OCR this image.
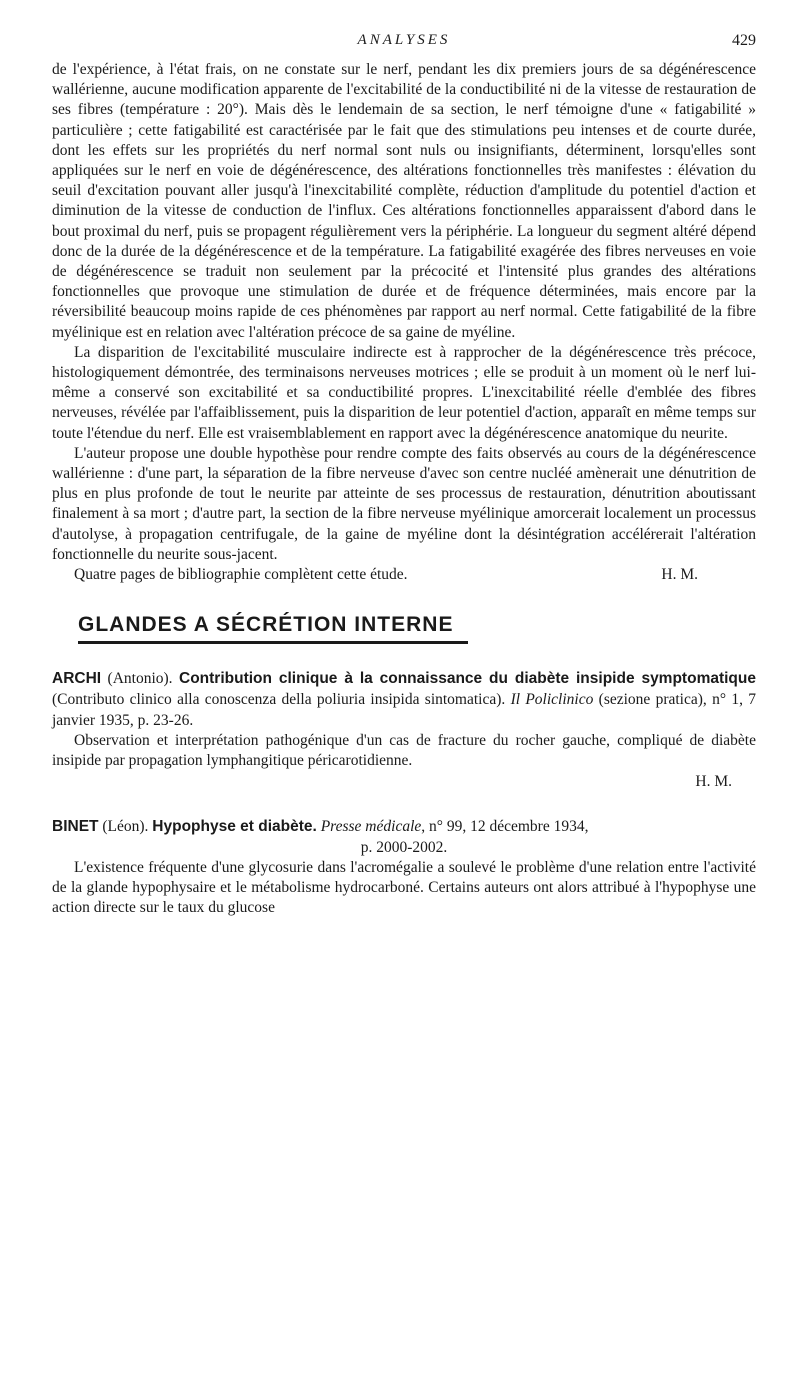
ANALYSES	429

de l'expérience, à l'état frais, on ne constate sur le nerf, pendant les dix premiers jours de sa dégénérescence wallérienne, aucune modification apparente de l'excitabilité de la conductibilité ni de la vitesse de restauration de ses fibres (température : 20°). Mais dès le lendemain de sa section, le nerf témoigne d'une « fatigabilité » particulière ; cette fatigabilité est caractérisée par le fait que des stimulations peu intenses et de courte durée, dont les effets sur les propriétés du nerf normal sont nuls ou insignifiants, déterminent, lorsqu'elles sont appliquées sur le nerf en voie de dégénérescence, des altérations fonctionnelles très manifestes : élévation du seuil d'excitation pouvant aller jusqu'à l'inexcitabilité complète, réduction d'amplitude du potentiel d'action et diminution de la vitesse de conduction de l'influx. Ces altérations fonctionnelles apparaissent d'abord dans le bout proximal du nerf, puis se propagent régulièrement vers la périphérie. La longueur du segment altéré dépend donc de la durée de la dégénérescence et de la température. La fatigabilité exagérée des fibres nerveuses en voie de dégénérescence se traduit non seulement par la précocité et l'intensité plus grandes des altérations fonctionnelles que provoque une stimulation de durée et de fréquence déterminées, mais encore par la réversibilité beaucoup moins rapide de ces phénomènes par rapport au nerf normal. Cette fatigabilité de la fibre myélinique est en relation avec l'altération précoce de sa gaine de myéline.

La disparition de l'excitabilité musculaire indirecte est à rapprocher de la dégénérescence très précoce, histologiquement démontrée, des terminaisons nerveuses motrices ; elle se produit à un moment où le nerf lui-même a conservé son excitabilité et sa conductibilité propres. L'inexcitabilité réelle d'emblée des fibres nerveuses, révélée par l'affaiblissement, puis la disparition de leur potentiel d'action, apparaît en même temps sur toute l'étendue du nerf. Elle est vraisemblablement en rapport avec la dégénérescence anatomique du neurite.

L'auteur propose une double hypothèse pour rendre compte des faits observés au cours de la dégénérescence wallérienne : d'une part, la séparation de la fibre nerveuse d'avec son centre nucléé amènerait une dénutrition de plus en plus profonde de tout le neurite par atteinte de ses processus de restauration, dénutrition aboutissant finalement à sa mort ; d'autre part, la section de la fibre nerveuse myélinique amorcerait localement un processus d'autolyse, à propagation centrifugale, de la gaine de myéline dont la désintégration accélérerait l'altération fonctionnelle du neurite sous-jacent.

Quatre pages de bibliographie complètent cette étude.	H. M.
GLANDES A SÉCRÉTION INTERNE
ARCHI (Antonio). Contribution clinique à la connaissance du diabète insipide symptomatique (Contributo clinico alla conoscenza della poliuria insipida sintomatica). Il Policlinico (sezione pratica), n° 1, 7 janvier 1935, p. 23-26.

Observation et interprétation pathogénique d'un cas de fracture du rocher gauche, compliqué de diabète insipide par propagation lymphangitique péricarotidienne.

H. M.
BINET (Léon). Hypophyse et diabète. Presse médicale, n° 99, 12 décembre 1934,
p. 2000-2002.

L'existence fréquente d'une glycosurie dans l'acromégalie a soulevé le problème d'une relation entre l'activité de la glande hypophysaire et le métabolisme hydrocarboné. Certains auteurs ont alors attribué à l'hypophyse une action directe sur le taux du glucose
